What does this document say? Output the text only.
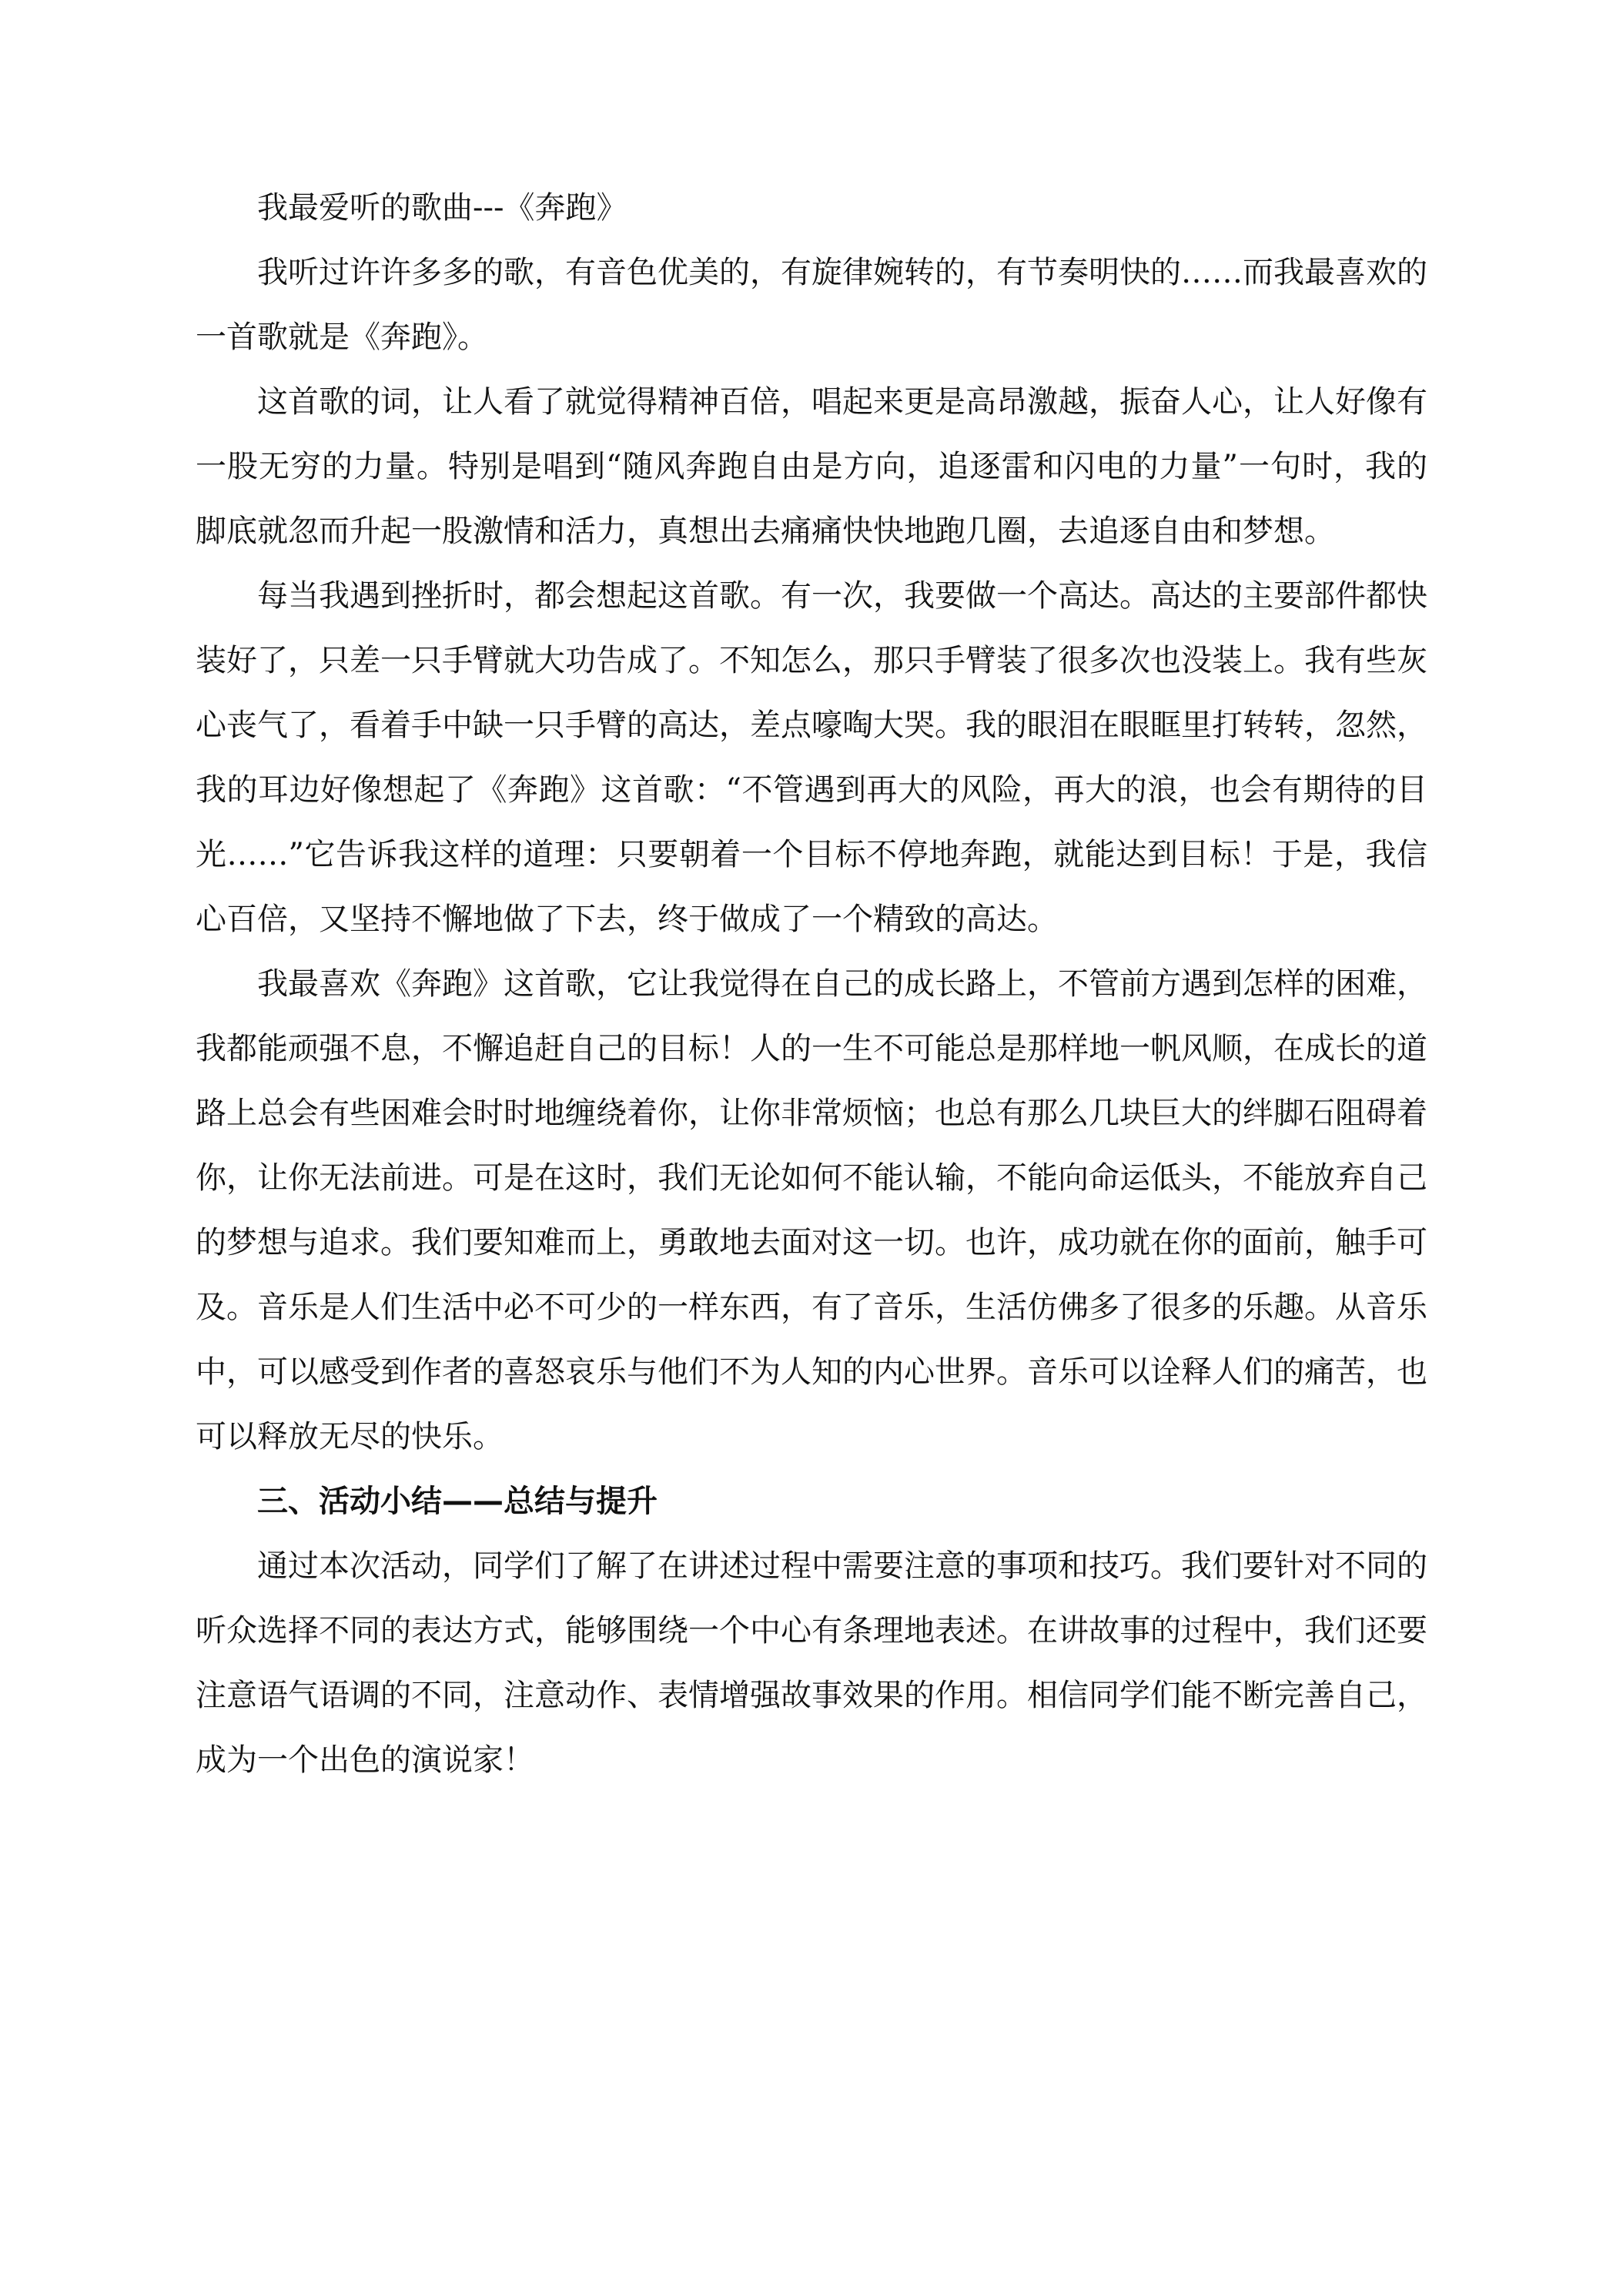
我最爱听的歌曲---《奔跑》

我听过许许多多的歌，有音色优美的，有旋律婉转的，有节奏明快的……而我最喜欢的一首歌就是《奔跑》。

这首歌的词，让人看了就觉得精神百倍，唱起来更是高昂激越，振奋人心，让人好像有一股无穷的力量。特别是唱到“随风奔跑自由是方向，追逐雷和闪电的力量”一句时，我的脚底就忽而升起一股激情和活力，真想出去痛痛快快地跑几圈，去追逐自由和梦想。

每当我遇到挫折时，都会想起这首歌。有一次，我要做一个高达。高达的主要部件都快装好了，只差一只手臂就大功告成了。不知怎么，那只手臂装了很多次也没装上。我有些灰心丧气了，看着手中缺一只手臂的高达，差点嚎啕大哭。我的眼泪在眼眶里打转转，忽然，我的耳边好像想起了《奔跑》这首歌：“不管遇到再大的风险，再大的浪，也会有期待的目光……”它告诉我这样的道理：只要朝着一个目标不停地奔跑，就能达到目标！于是，我信心百倍，又坚持不懈地做了下去，终于做成了一个精致的高达。

我最喜欢《奔跑》这首歌，它让我觉得在自己的成长路上，不管前方遇到怎样的困难，我都能顽强不息，不懈追赶自己的目标！人的一生不可能总是那样地一帆风顺，在成长的道路上总会有些困难会时时地缠绕着你，让你非常烦恼；也总有那么几块巨大的绊脚石阻碍着你，让你无法前进。可是在这时，我们无论如何不能认输，不能向命运低头，不能放弃自己的梦想与追求。我们要知难而上，勇敢地去面对这一切。也许，成功就在你的面前，触手可及。音乐是人们生活中必不可少的一样东西，有了音乐，生活仿佛多了很多的乐趣。从音乐中，可以感受到作者的喜怒哀乐与他们不为人知的内心世界。音乐可以诠释人们的痛苦，也可以释放无尽的快乐。

三、活动小结——总结与提升

通过本次活动，同学们了解了在讲述过程中需要注意的事项和技巧。我们要针对不同的听众选择不同的表达方式，能够围绕一个中心有条理地表述。在讲故事的过程中，我们还要注意语气语调的不同，注意动作、表情增强故事效果的作用。相信同学们能不断完善自己，成为一个出色的演说家！
